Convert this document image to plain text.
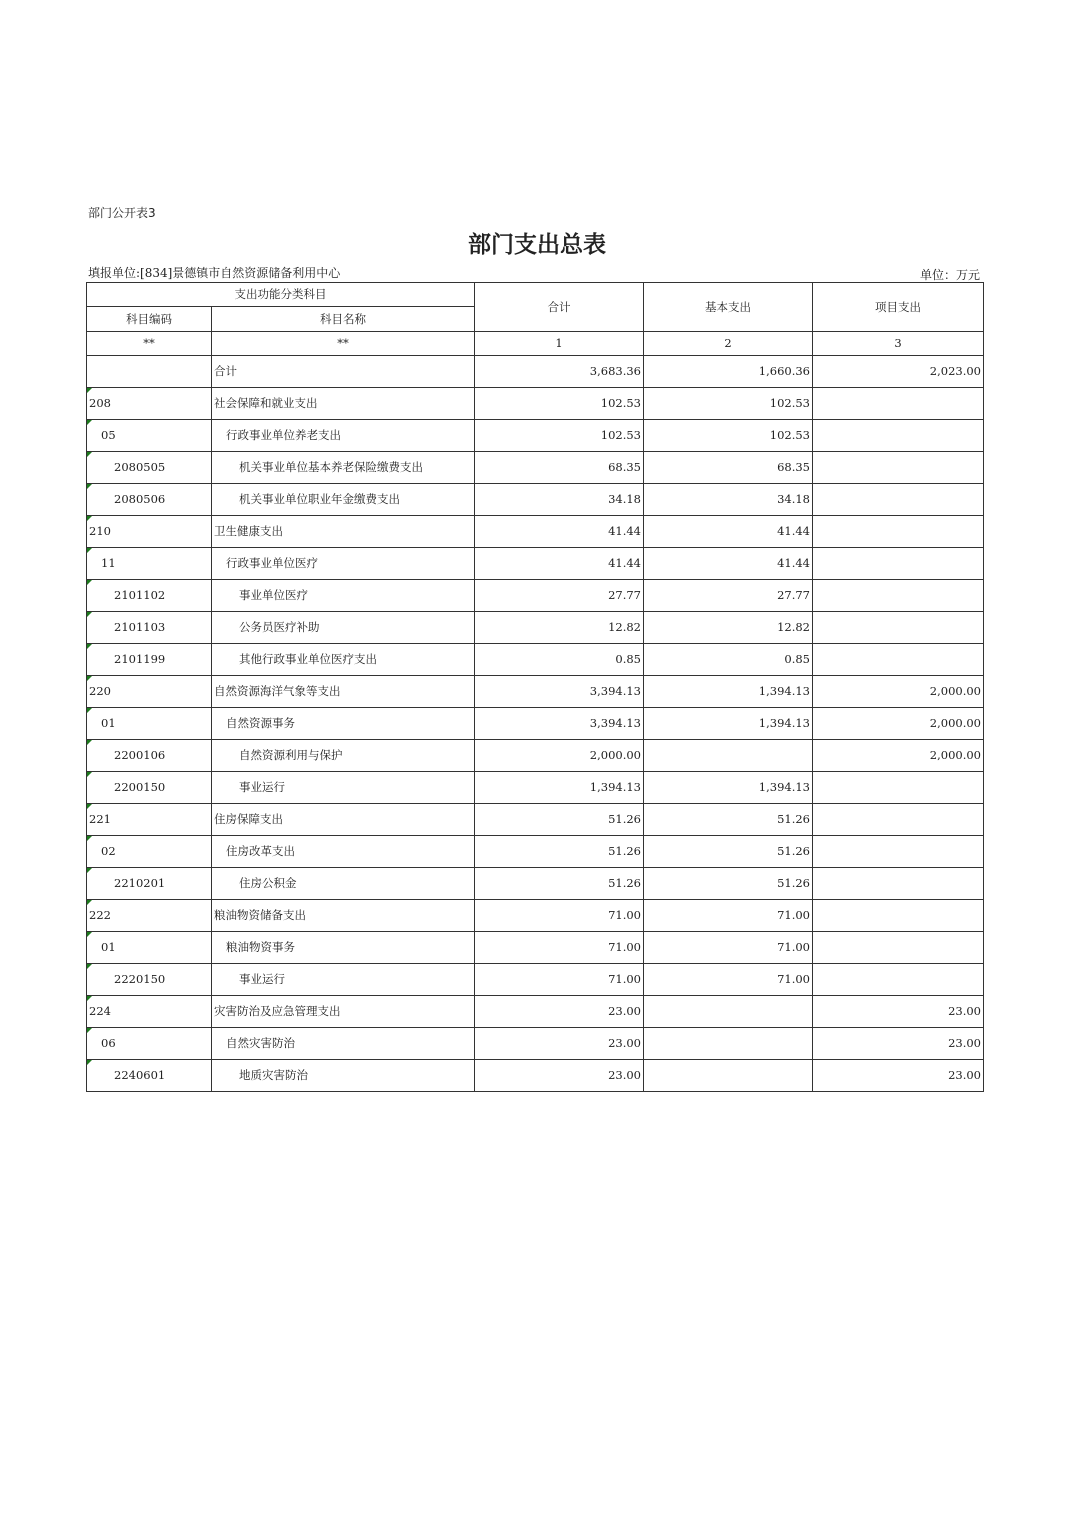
部门公开表3
部门支出总表
填报单位:[834]景德镇市自然资源储备利用中心	单位：万元
支出功能分类科目		合计	基本支出	项目支出
科目编码	科目名称			
**	**	1	2	3
	合计	3,683.36	1,660.36	2,023.00
208	社会保障和就业支出	102.53	102.53	
05	行政事业单位养老支出	102.53	102.53	
2080505	机关事业单位基本养老保险缴费支出	68.35	68.35	
2080506	机关事业单位职业年金缴费支出	34.18	34.18	
210	卫生健康支出	41.44	41.44	
11	行政事业单位医疗	41.44	41.44	
2101102	事业单位医疗	27.77	27.77	
2101103	公务员医疗补助	12.82	12.82	
2101199	其他行政事业单位医疗支出	0.85	0.85	
220	自然资源海洋气象等支出	3,394.13	1,394.13	2,000.00
01	自然资源事务	3,394.13	1,394.13	2,000.00
2200106	自然资源利用与保护	2,000.00		2,000.00
2200150	事业运行	1,394.13	1,394.13	
221	住房保障支出	51.26	51.26	
02	住房改革支出	51.26	51.26	
2210201	住房公积金	51.26	51.26	
222	粮油物资储备支出	71.00	71.00	
01	粮油物资事务	71.00	71.00	
2220150	事业运行	71.00	71.00	
224	灾害防治及应急管理支出	23.00		23.00
06	自然灾害防治	23.00		23.00
2240601	地质灾害防治	23.00		23.00
